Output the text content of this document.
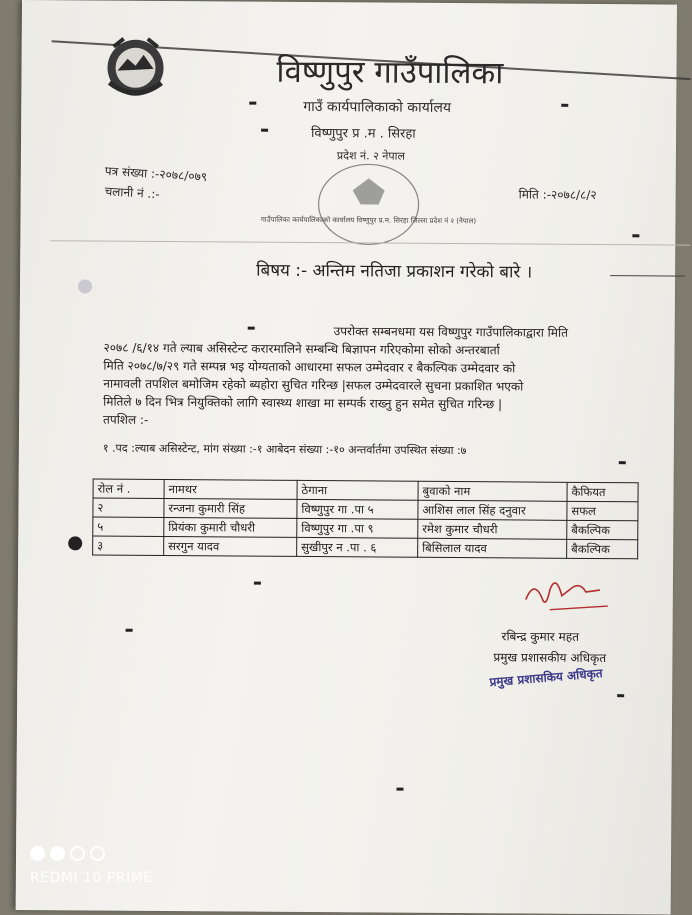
विष्णुपुर गाउँपालिका
गाउँ कार्यपालिकाको कार्यालय
विष्णुपुर प्र .म . सिरहा
प्रदेश नं. २ नेपाल
गाउँपालिका कार्यपालिकाको कार्यालय विष्णुपुर प्र.म. सिरहा जिल्ला प्रदेश नं २ (नेपाल)
पत्र संख्या :-२०७८/०७९
चलानी नं .:-	मिति :-२०७८/८/२
बिषय :- अन्तिम नतिजा प्रकाशन गरेको बारे ।

उपरोक्त सम्बनधमा यस विष्णुपुर गाउँपालिकाद्वारा मिति

२०७८ /६/१४ गते ल्याब असिस्टेन्ट करारमालिने सम्बन्धि बिज्ञापन गरिएकोमा सोको अन्तरबार्ता

मिति २०७८/७/२९ गते सम्पन्न भइ योग्यताको आधारमा सफल उम्मेदवार र बैकल्पिक उम्मेदवार को

नामावली तपशिल बमोजिम रहेको ब्यहोरा सुचित गरिन्छ |सफल उम्मेदवारले सुचना प्रकाशित भएको

मितिले ७ दिन भित्र नियुक्तिको लागि स्वास्थ्य शाखा मा सम्पर्क राख्नु हुन समेत सुचित गरिन्छ |

तपशिल :-

१ .पद :ल्याब असिस्टेन्ट, मांग संख्या :-१ आबेदन संख्या :-१० अन्तर्वार्तमा उपस्थित संख्या :७
रोल नं .	नामथर	ठेगाना	बुवाको नाम	कैफियत
२	रन्जना कुमारी सिंह	विष्णुपुर गा .पा ५	आशिस लाल सिंह दनुवार	सफल
५	प्रियंका कुमारी चौधरी	विष्णुपुर गा .पा ९	रमेश कुमार चौधरी	बैकल्पिक
३	सरगुन यादव	सुखीपुर न .पा . ६	बिसिलाल यादव	बैकल्पिक
रबिन्द्र कुमार महत
प्रमुख प्रशासकीय अधिकृत
प्रमुख प्रशासकिय अधिकृत
REDMI 10 PRIME
